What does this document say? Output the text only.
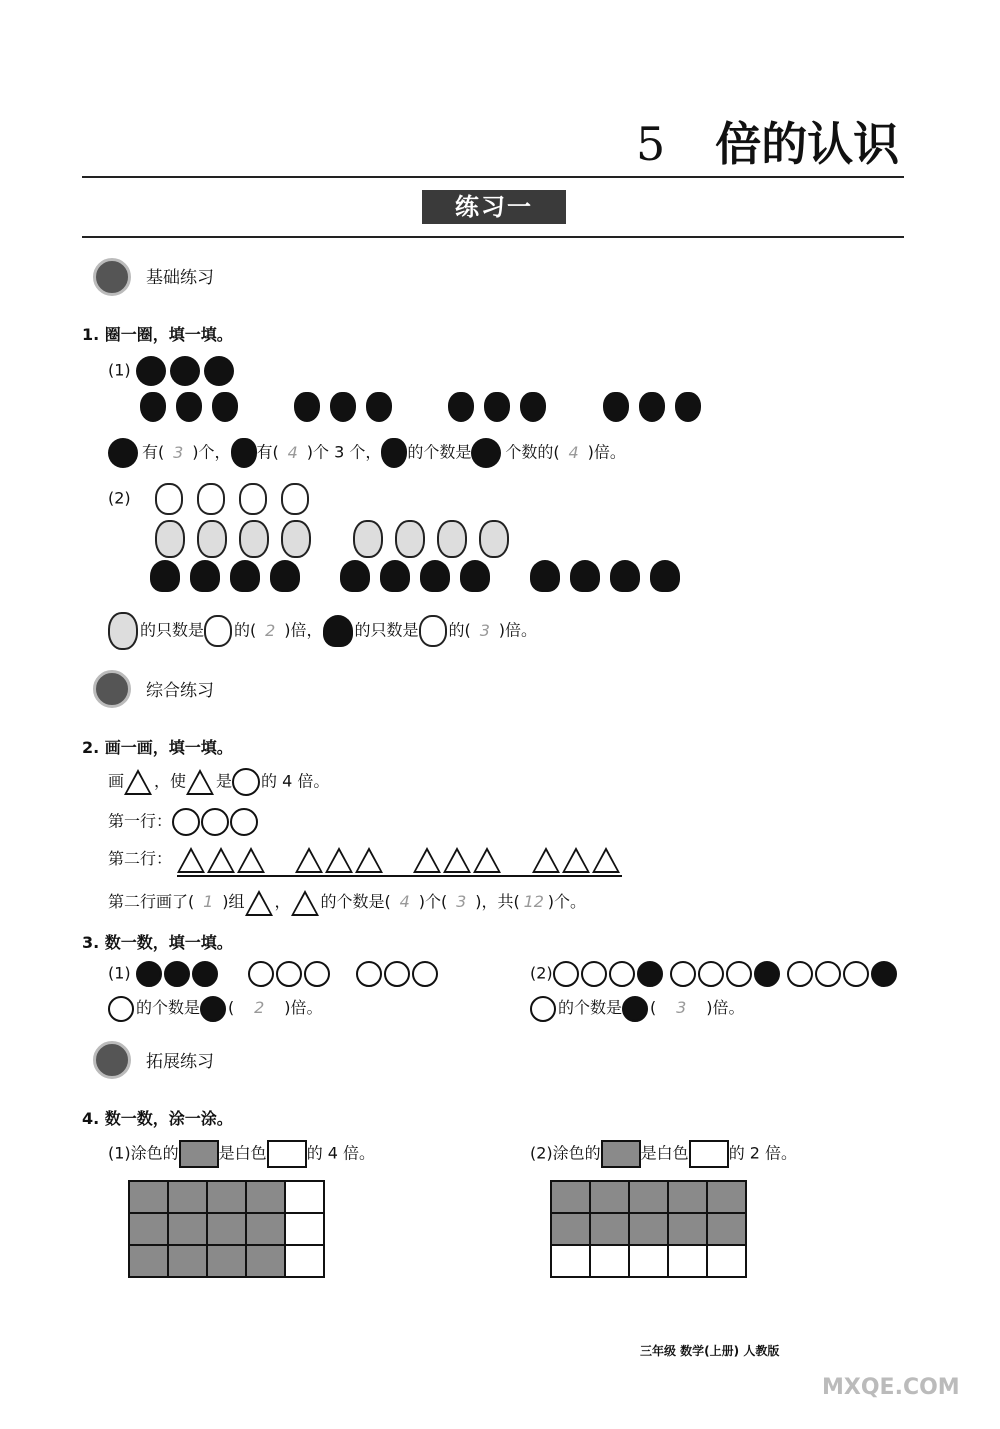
5 倍的认识
练习一
基础练习
1. 圈一圈，填一填。
(1)

有( 3 )个， 有( 4 )个 3 个， 的个数是 个数的( 4 )倍。
(2)

的只数是 的( 2 )倍， 的只数是 的( 3 )倍。
综合练习
2. 画一画，填一填。
画 ，使 是 的 4 倍。
第一行：
第二行：
第二行画了( 1 )组 ， 的个数是( 4 )个( 3 )，共( 12 )个。
3. 数一数，填一填。
(1)
的个数是 ( 2 )倍。
(2)
的个数是 ( 3 )倍。
拓展练习
4. 数一数，涂一涂。
(1)涂色的	是白色	的 4 倍。	(2)涂色的	是白色	的 2 倍。

三年级 数学(上册) 人教版
MXQE.COM
